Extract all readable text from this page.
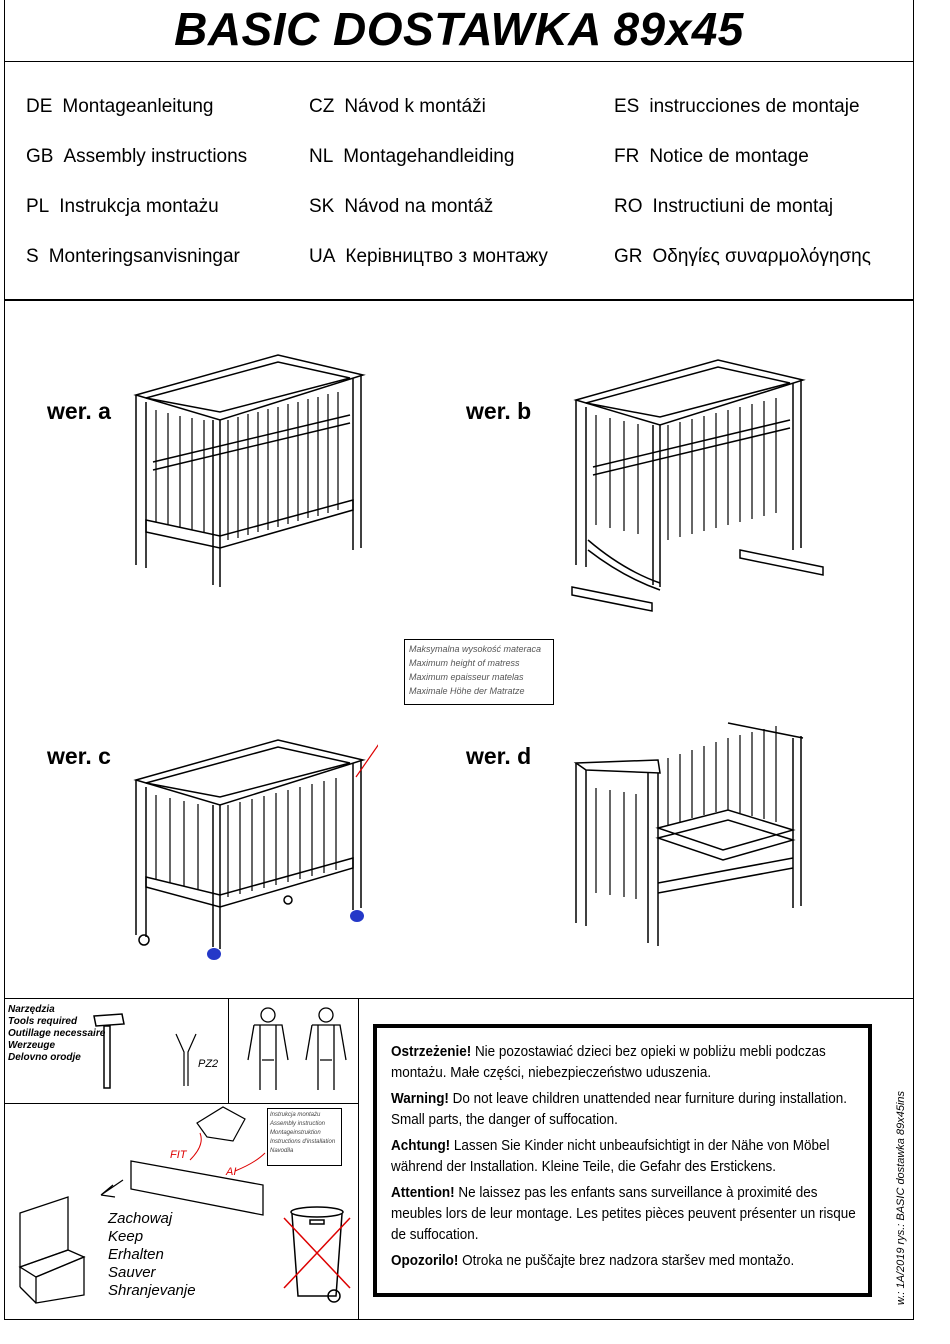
BASIC DOSTAWKA 89x45
DE Montageanleitung	CZ Návod k montáži	ES instrucciones de montaje
GB Assembly instructions	NL Montagehandleiding	FR Notice de montage
PL Instrukcja montażu	SK Návod na montáž	RO Instructiuni de montaj
S Monteringsanvisningar	UA Керівництво з монтажу	GR Οδηγίες συναρμολόγησης
wer. a	wer. b
wer. c	wer. d
Maksymalna wysokość materaca
Maximum height of matress
Maximum epaisseur matelas
Maximale Höhe der Matratze
Narzędzia
Tools required
Outillage necessaire
Werzeuge
Delovno orodje
PZ2
Zachowaj
Keep
Erhalten
Sauver
Shranjevanje
FIT
AI
Instrukcja montażu
Assembly instruction
Montageinstruktion
Instructions d'installation
Navodila
Ostrzeżenie! Nie pozostawiać dzieci bez opieki w pobliżu mebli podczas montażu. Małe części, niebezpieczeństwo uduszenia.
Warning! Do not leave children unattended near furniture during installation. Small parts, the danger of suffocation.
Achtung! Lassen Sie Kinder nicht unbeaufsichtigt in der Nähe von Möbel während der Installation. Kleine Teile, die Gefahr des Erstickens.
Attention! Ne laissez pas les enfants sans surveillance à proximité des meubles lors de leur montage. Les petites pièces peuvent présenter un risque de suffocation.
Opozorilo! Otroka ne puščajte brez nadzora staršev med montažo.	w.: 1A/2019 rys.: BASIC dostawka 89x45ins
